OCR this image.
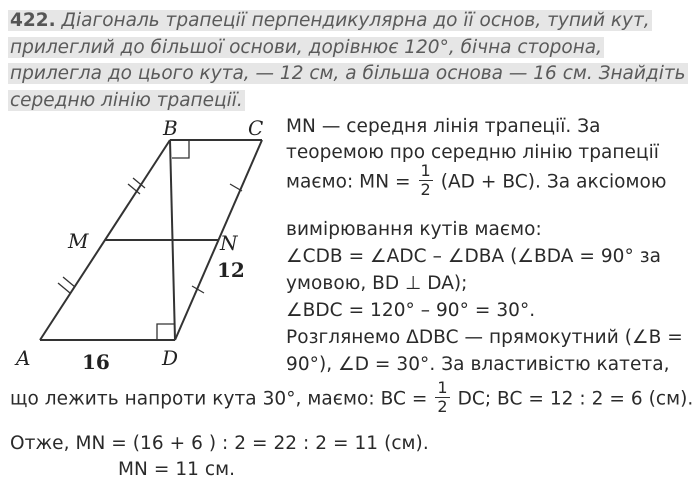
422. Діагональ трапеції перпендикулярна до її основ, тупий кут,
прилеглий до більшої основи, дорівнює 120°, бічна сторона,
прилегла до цього кута, — 12 см, а більша основа — 16 см. Знайдіть
середню лінію трапеції.
B	C
M	N
A	D
12
16
MN — середня лінія трапеції. За
теоремою про середню лінію трапеції
маємо: MN = $\frac{1}{2} (AD + BC)$. За аксіомою
вимірювання кутів маємо:
∠CDB = ∠ADC – ∠DBA (∠BDA = 90° за
умовою, BD ⊥ DA);
∠BDC = 120° – 90° = 30°.
Розглянемо ΔDBC — прямокутний (∠B =
90°), ∠D = 30°. За властивістю катета,
що лежить напроти кута 30°, маємо: BC = $\frac{1}{2}$ DC; BC = 12 : 2 = 6 (см).
Отже, MN = (16 + 6 ) : 2 = 22 : 2 = 11 (см).
MN = 11 см.
